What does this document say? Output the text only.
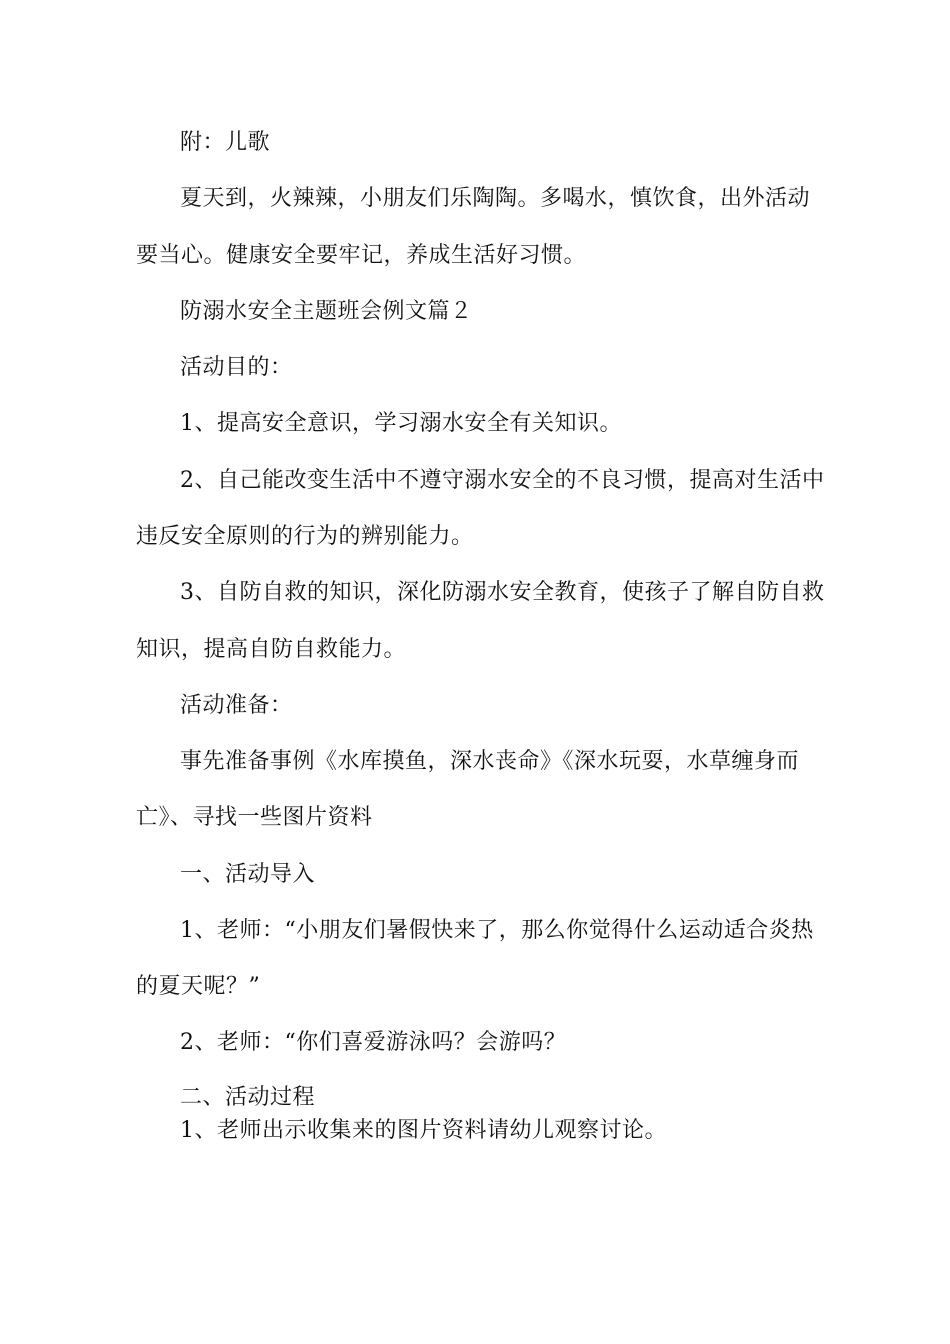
附：儿歌
夏天到，火辣辣，小朋友们乐陶陶。多喝水，慎饮食，出外活动
要当心。健康安全要牢记，养成生活好习惯。
防溺水安全主题班会例文篇２
活动目的：
1、提高安全意识，学习溺水安全有关知识。
2、自己能改变生活中不遵守溺水安全的不良习惯，提高对生活中
违反安全原则的行为的辨别能力。
3、自防自救的知识，深化防溺水安全教育，使孩子了解自防自救
知识，提高自防自救能力。
活动准备：
事先准备事例《水库摸鱼，深水丧命》《深水玩耍，水草缠身而
亡》、寻找一些图片资料
一、活动导入
1、老师：“小朋友们暑假快来了，那么你觉得什么运动适合炎热
的夏天呢？”
2、老师：“你们喜爱游泳吗？会游吗？
二、活动过程
1、老师出示收集来的图片资料请幼儿观察讨论。
